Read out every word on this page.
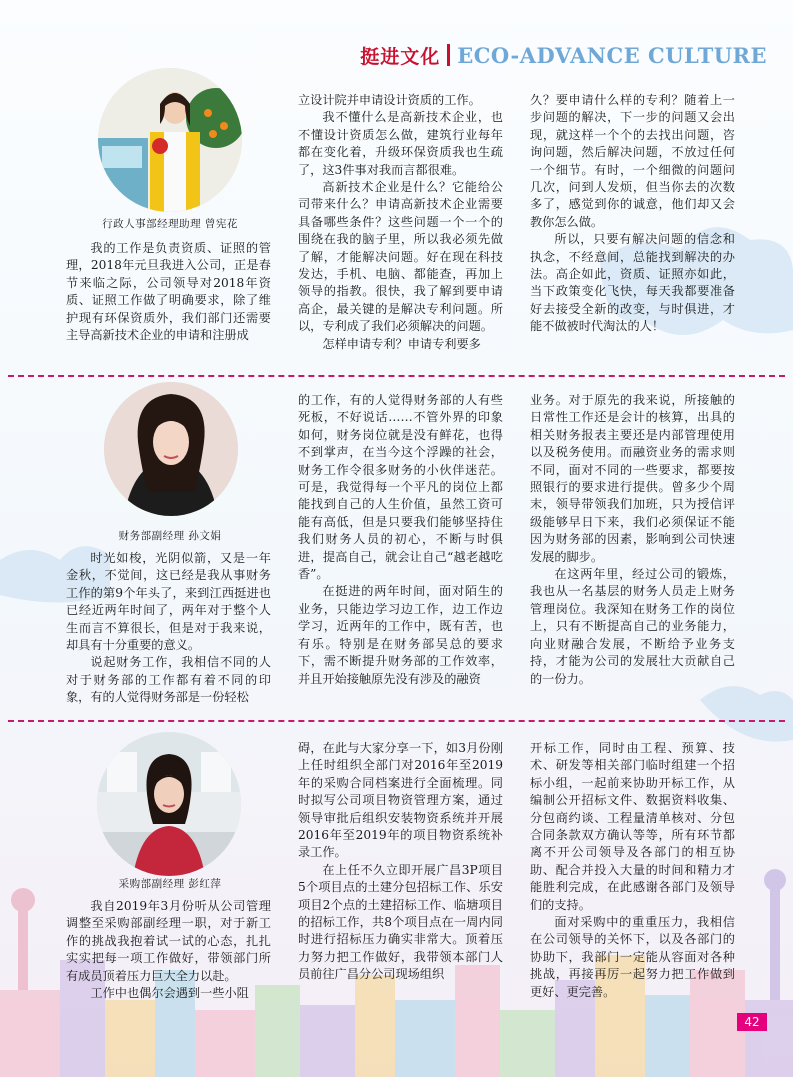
挺进文化 ECO-ADVANCE CULTURE
行政人事部经理助理 曾宪花

我的工作是负责资质、证照的管理，2018年元旦我进入公司，正是春节来临之际，公司领导对2018年资质、证照工作做了明确要求，除了维护现有环保资质外，我们部门还需要主导高新技术企业的申请和注册成

立设计院并申请设计资质的工作。

我不懂什么是高新技术企业，也不懂设计资质怎么做，建筑行业每年都在变化着，升级环保资质我也生疏了，这3件事对我而言都很难。

高新技术企业是什么？它能给公司带来什么？申请高新技术企业需要具备哪些条件？这些问题一个一个的围绕在我的脑子里，所以我必须先做了解，才能解决问题。好在现在科技发达，手机、电脑、都能查，再加上领导的指教。很快，我了解到要申请高企，最关键的是解决专利问题。所以，专利成了我们必须解决的问题。

怎样申请专利？申请专利要多

久？要申请什么样的专利？随着上一步问题的解决，下一步的问题又会出现，就这样一个个的去找出问题，咨询问题，然后解决问题，不放过任何一个细节。有时，一个细微的问题问几次，问到人发烦，但当你去的次数多了，感觉到你的诚意，他们却又会教你怎么做。

所以，只要有解决问题的信念和执念，不经意间，总能找到解决的办法。高企如此，资质、证照亦如此，当下政策变化飞快，每天我都要准备好去接受全新的改变，与时俱进，才能不做被时代淘汰的人！

财务部副经理 孙文娟

时光如梭，光阴似箭，又是一年金秋，不觉间，这已经是我从事财务工作的第9个年头了，来到江西挺进也已经近两年时间了，两年对于整个人生而言不算很长，但是对于我来说，却具有十分重要的意义。

说起财务工作，我相信不同的人对于财务部的工作都有着不同的印象，有的人觉得财务部是一份轻松

的工作，有的人觉得财务部的人有些死板，不好说话……不管外界的印象如何，财务岗位就是没有鲜花，也得不到掌声，在当今这个浮躁的社会，财务工作令很多财务的小伙伴迷茫。可是，我觉得每一个平凡的岗位上都能找到自己的人生价值，虽然工资可能有高低，但是只要我们能够坚持住我们财务人员的初心，不断与时俱进，提高自己，就会让自己“越老越吃香”。

在挺进的两年时间，面对陌生的业务，只能边学习边工作，边工作边学习，近两年的工作中，既有苦，也有乐。特别是在财务部吴总的要求下，需不断提升财务部的工作效率，并且开始接触原先没有涉及的融资

业务。对于原先的我来说，所接触的日常性工作还是会计的核算，出具的相关财务报表主要还是内部管理使用以及税务使用。而融资业务的需求则不同，面对不同的一些要求，都要按照银行的要求进行提供。曾多少个周末，领导带领我们加班，只为授信评级能够早日下来，我们必须保证不能因为财务部的因素，影响到公司快速发展的脚步。

在这两年里，经过公司的锻炼，我也从一名基层的财务人员走上财务管理岗位。我深知在财务工作的岗位上，只有不断提高自己的业务能力，向业财融合发展，不断给予业务支持，才能为公司的发展壮大贡献自己的一份力。

采购部副经理 彭红萍

我自2019年3月份听从公司管理调整至采购部副经理一职，对于新工作的挑战我抱着试一试的心态，扎扎实实把每一项工作做好，带领部门所有成员顶着压力巨大全力以赴。

工作中也偶尔会遇到一些小阻

碍，在此与大家分享一下，如3月份刚上任时组织全部门对2016年至2019年的采购合同档案进行全面梳理。同时拟写公司项目物资管理方案，通过领导审批后组织安装物资系统并开展2016年至2019年的项目物资系统补录工作。

在上任不久立即开展广昌3P项目5个项目点的土建分包招标工作、乐安项目2个点的土建招标工作、临塘项目的招标工作，共8个项目点在一周内同时进行招标压力确实非常大。顶着压力努力把工作做好，我带领本部门人员前往广昌分公司现场组织

开标工作，同时由工程、预算、技术、研发等相关部门临时组建一个招标小组，一起前来协助开标工作，从编制公开招标文件、数据资料收集、分包商约谈、工程量清单核对、分包合同条款双方确认等等，所有环节都离不开公司领导及各部门的相互协助、配合并投入大量的时间和精力才能胜利完成，在此感谢各部门及领导们的支持。

面对采购中的重重压力，我相信在公司领导的关怀下，以及各部门的协助下，我部门一定能从容面对各种挑战，再接再厉一起努力把工作做到更好、更完善。

42
